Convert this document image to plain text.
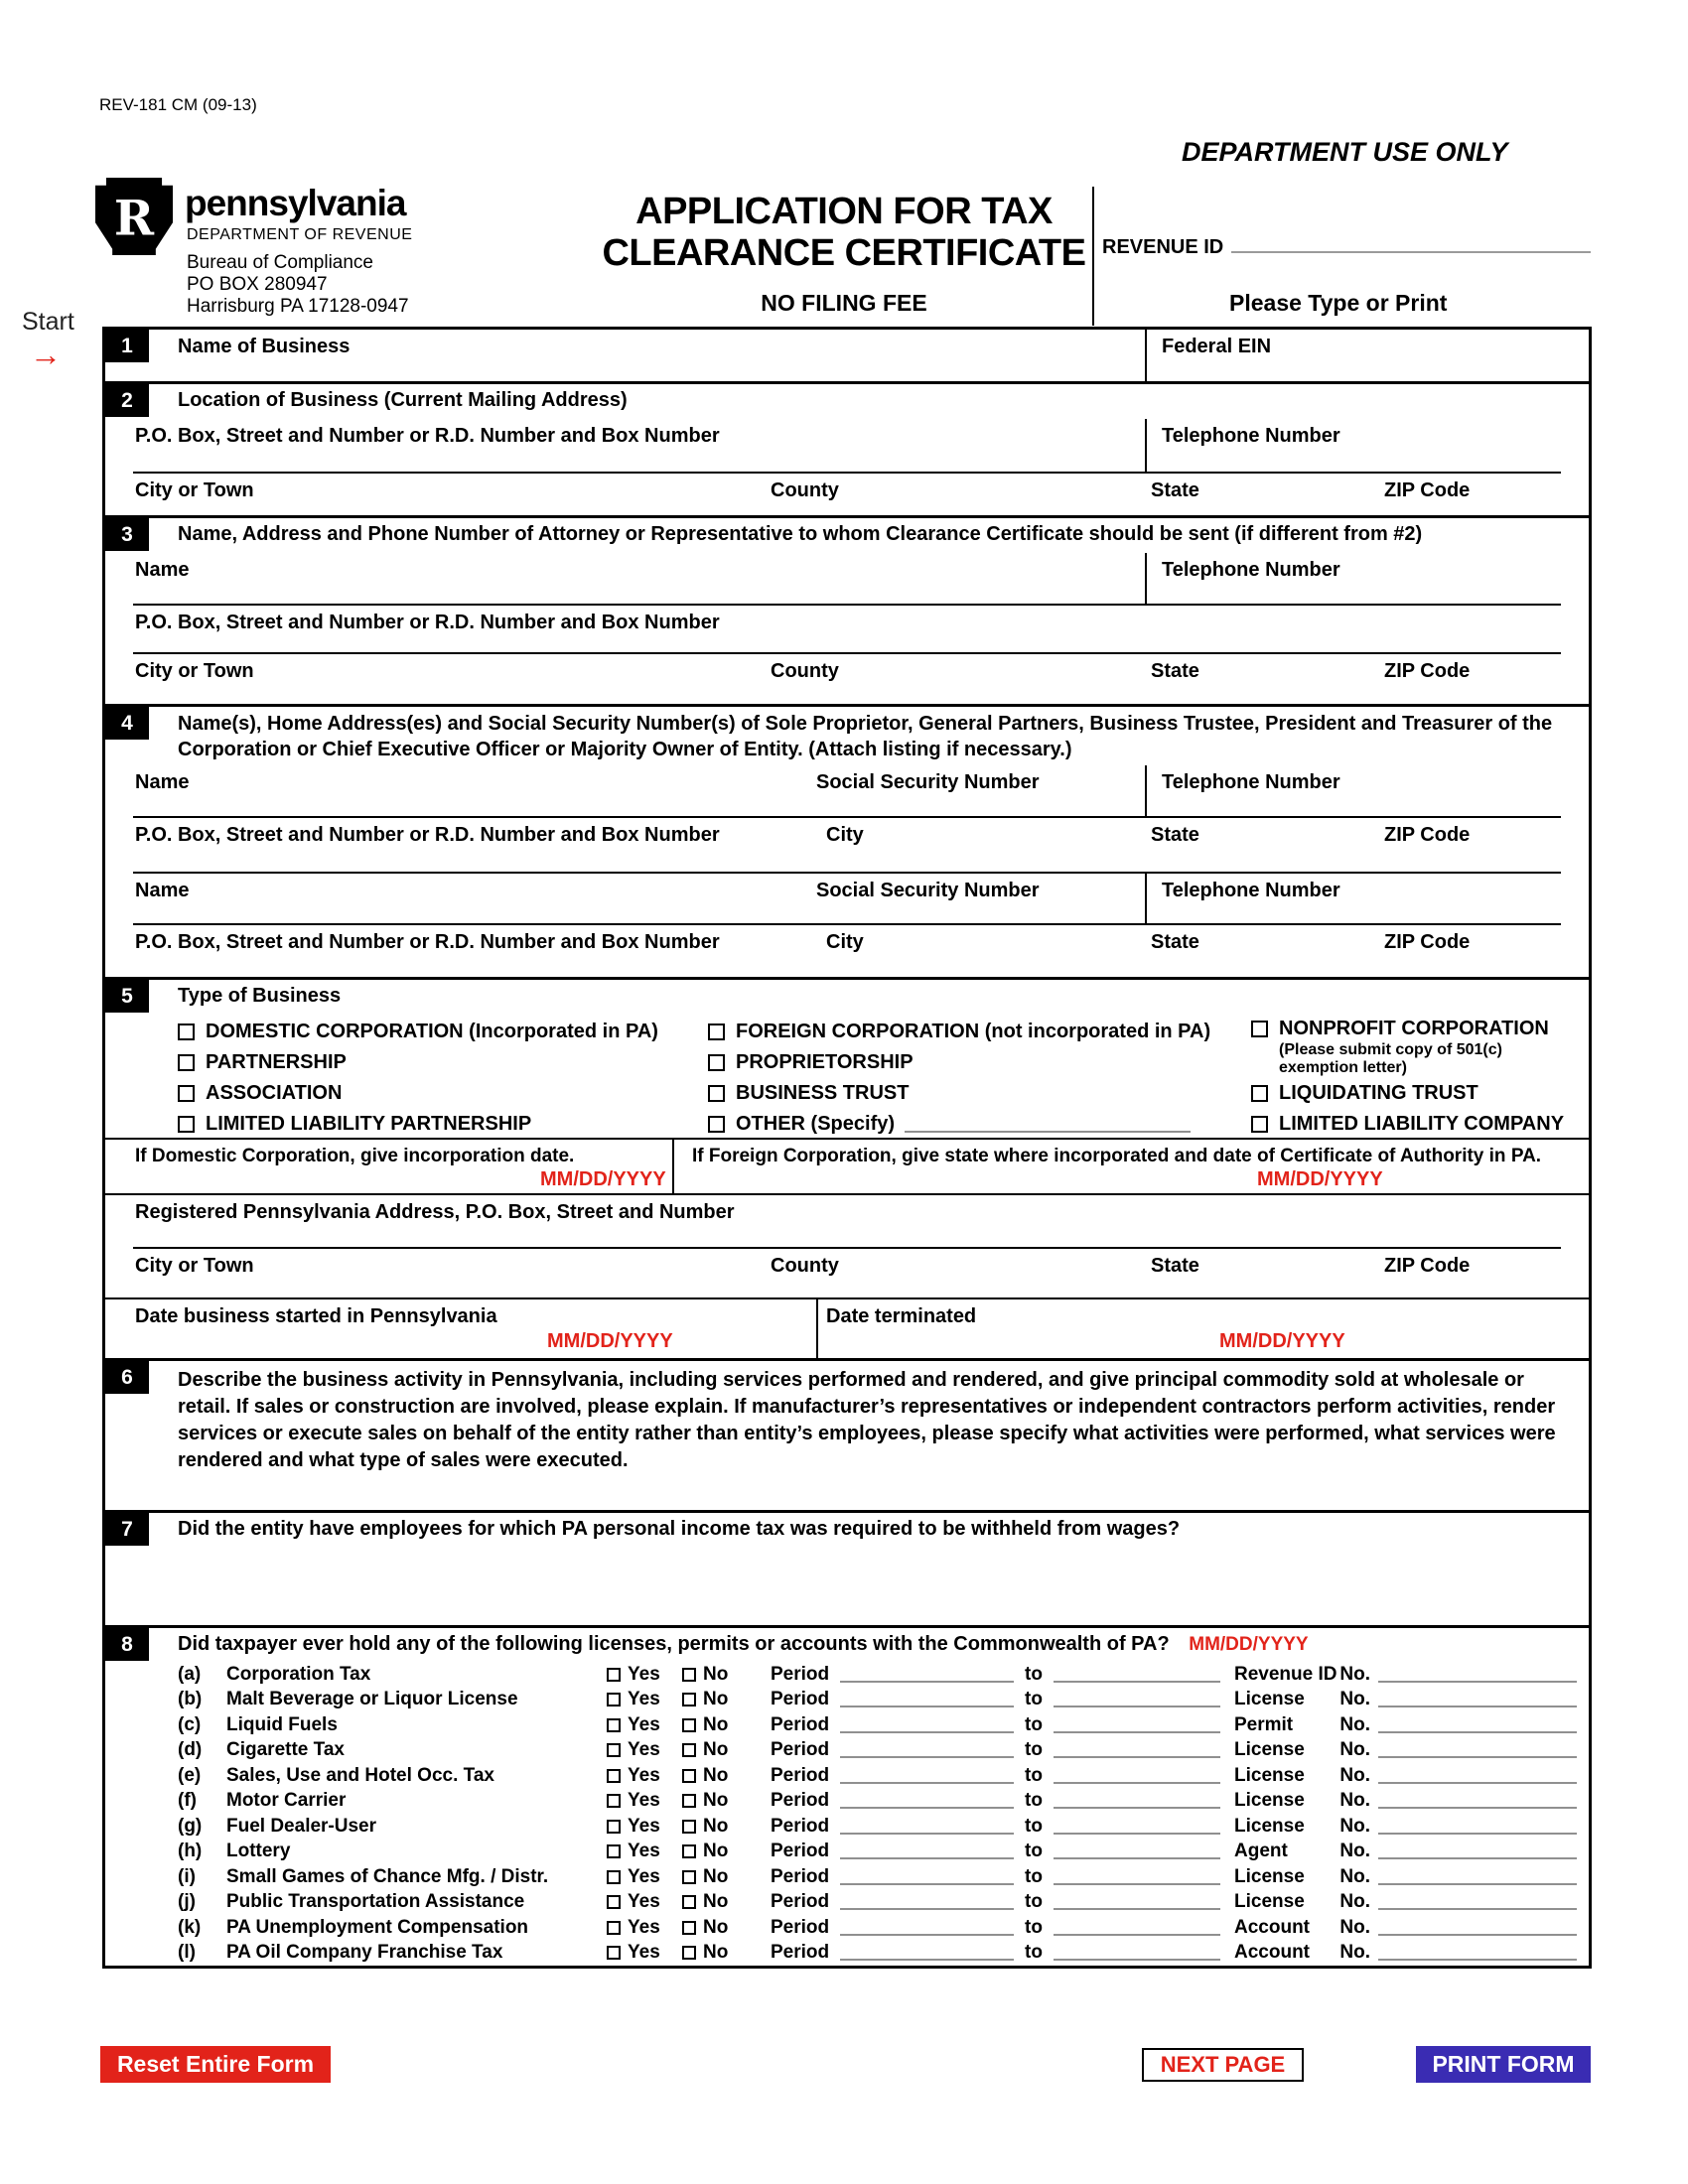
REV-181 CM (09-13)
DEPARTMENT USE ONLY
R pennsylvania
DEPARTMENT OF REVENUE
Bureau of Compliance
PO BOX 280947
Harrisburg PA 17128-0947
APPLICATION FOR TAX
CLEARANCE CERTIFICATE
NO FILING FEE
REVENUE ID
Please Type or Print
Start
→	1	Name of Business	Federal EIN
2	Location of Business (Current Mailing Address)
P.O. Box, Street and Number or R.D. Number and Box Number	Telephone Number
City or Town	County	State	ZIP Code
3	Name, Address and Phone Number of Attorney or Representative to whom Clearance Certificate should be sent (if different from #2)
Name	Telephone Number
P.O. Box, Street and Number or R.D. Number and Box Number
City or Town	County	State	ZIP Code
4	Name(s), Home Address(es) and Social Security Number(s) of Sole Proprietor, General Partners, Business Trustee, President and Treasurer of the Corporation or Chief Executive Officer or Majority Owner of Entity. (Attach listing if necessary.)
Name	Social Security Number	Telephone Number
P.O. Box, Street and Number or R.D. Number and Box Number	City	State	ZIP Code
Name	Social Security Number	Telephone Number
P.O. Box, Street and Number or R.D. Number and Box Number	City	State	ZIP Code
5	Type of Business
DOMESTIC CORPORATION (Incorporated in PA)
PARTNERSHIP
ASSOCIATION
LIMITED LIABILITY PARTNERSHIP
FOREIGN CORPORATION (not incorporated in PA)
PROPRIETORSHIP
BUSINESS TRUST
OTHER (Specify)
NONPROFIT CORPORATION
(Please submit copy of 501(c) exemption letter)
LIQUIDATING TRUST
LIMITED LIABILITY COMPANY
If Domestic Corporation, give incorporation date.
MM/DD/YYYY
If Foreign Corporation, give state where incorporated and date of Certificate of Authority in PA.
MM/DD/YYYY
Registered Pennsylvania Address, P.O. Box, Street and Number
City or Town	County	State	ZIP Code
Date business started in Pennsylvania
MM/DD/YYYY
Date terminated
MM/DD/YYYY
6	Describe the business activity in Pennsylvania, including services performed and rendered, and give principal commodity sold at wholesale or retail. If sales or construction are involved, please explain. If manufacturer’s representatives or independent contractors perform activities, render services or execute sales on behalf of the entity rather than entity’s employees, please specify what activities were performed, what services were rendered and what type of sales were executed.
7	Did the entity have employees for which PA personal income tax was required to be withheld from wages?
8	Did taxpayer ever hold any of the following licenses, permits or accounts with the Commonwealth of PA? MM/DD/YYYY
(a)	Corporation Tax	Yes No Period	to	Revenue ID No.
(b)	Malt Beverage or Liquor License	Yes No Period	to	License No.
(c)	Liquid Fuels	Yes No Period	to	Permit No.
(d)	Cigarette Tax	Yes No Period	to	License No.
(e)	Sales, Use and Hotel Occ. Tax	Yes No Period	to	License No.
(f)	Motor Carrier	Yes No Period	to	License No.
(g)	Fuel Dealer-User	Yes No Period	to	License No.
(h)	Lottery	Yes No Period	to	Agent	No.
(i)	Small Games of Chance Mfg. / Distr.	Yes No Period	to	License No.
(j)	Public Transportation Assistance	Yes No Period	to	License No.
(k)	PA Unemployment Compensation	Yes No Period	to	Account No.
(l)	PA Oil Company Franchise Tax	Yes No Period	to	Account No.
Reset Entire Form	NEXT PAGE	PRINT FORM
